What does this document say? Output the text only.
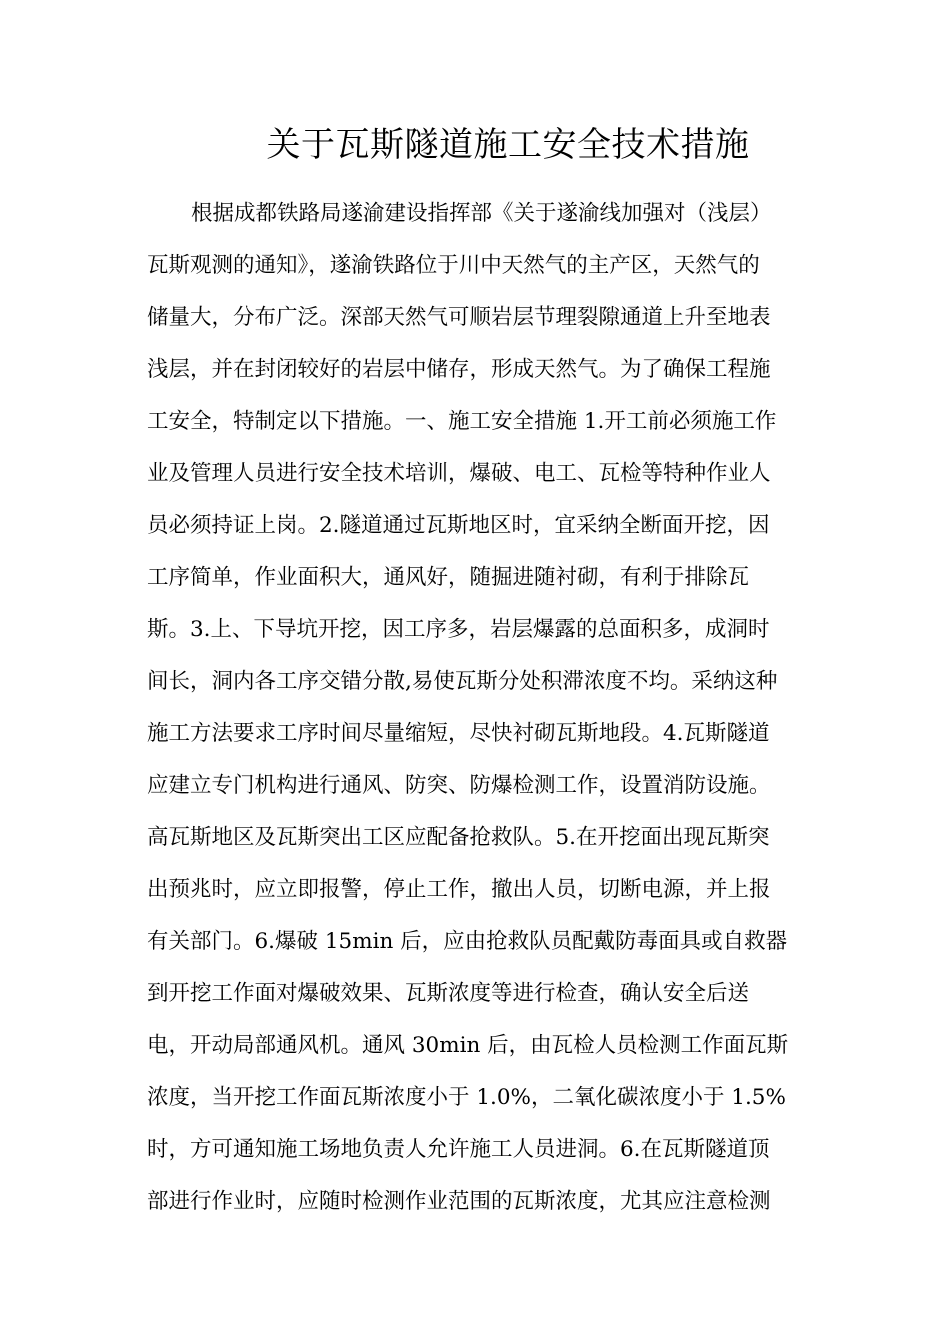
关于瓦斯隧道施工安全技术措施
根据成都铁路局遂渝建设指挥部《关于遂渝线加强对（浅层）
瓦斯观测的通知》，遂渝铁路位于川中天然气的主产区，天然气的
储量大，分布广泛。深部天然气可顺岩层节理裂隙通道上升至地表
浅层，并在封闭较好的岩层中储存，形成天然气。为了确保工程施
工安全，特制定以下措施。一、施工安全措施 1.开工前必须施工作
业及管理人员进行安全技术培训，爆破、电工、瓦检等特种作业人
员必须持证上岗。2.隧道通过瓦斯地区时，宜采纳全断面开挖，因
工序简单，作业面积大，通风好，随掘进随衬砌，有利于排除瓦
斯。3.上、下导坑开挖，因工序多，岩层爆露的总面积多，成洞时
间长，洞内各工序交错分散,易使瓦斯分处积滞浓度不均。采纳这种
施工方法要求工序时间尽量缩短，尽快衬砌瓦斯地段。4.瓦斯隧道
应建立专门机构进行通风、防突、防爆检测工作，设置消防设施。
高瓦斯地区及瓦斯突出工区应配备抢救队。5.在开挖面出现瓦斯突
出预兆时，应立即报警，停止工作，撤出人员，切断电源，并上报
有关部门。6.爆破 15min 后，应由抢救队员配戴防毒面具或自救器
到开挖工作面对爆破效果、瓦斯浓度等进行检查，确认安全后送
电，开动局部通风机。通风 30min 后，由瓦检人员检测工作面瓦斯
浓度，当开挖工作面瓦斯浓度小于 1.0%，二氧化碳浓度小于 1.5%
时，方可通知施工场地负责人允许施工人员进洞。6.在瓦斯隧道顶
部进行作业时，应随时检测作业范围的瓦斯浓度，尤其应注意检测
